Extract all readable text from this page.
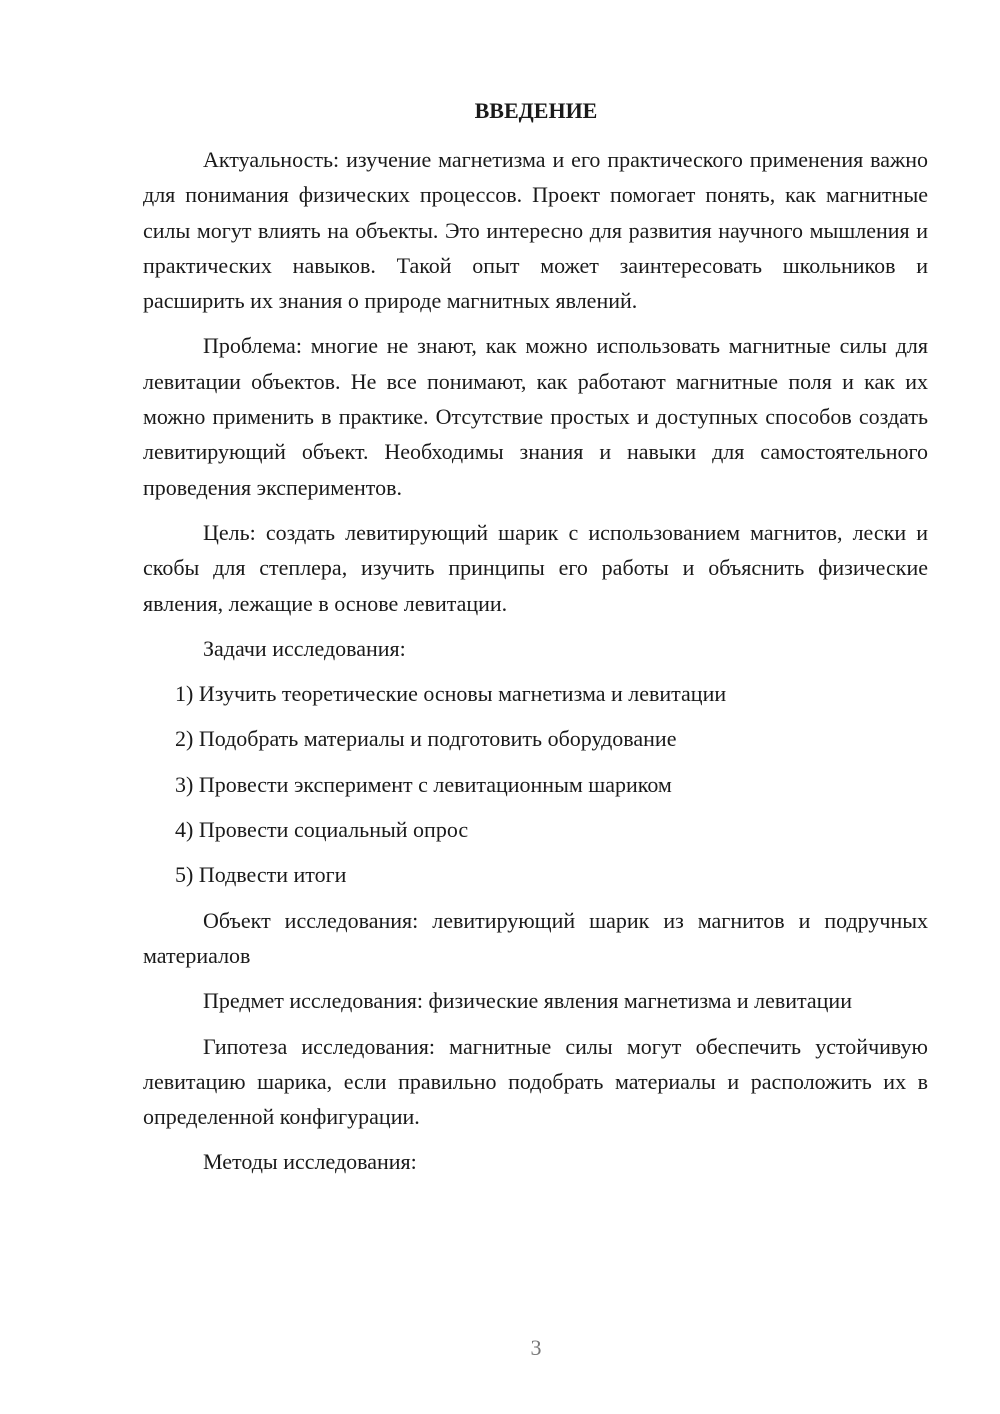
ВВЕДЕНИЕ

Актуальность: изучение магнетизма и его практического применения важно для понимания физических процессов. Проект помогает понять, как магнитные силы могут влиять на объекты. Это интересно для развития научного мышления и практических навыков. Такой опыт может заинтересовать школьников и расширить их знания о природе магнитных явлений.

Проблема: многие не знают, как можно использовать магнитные силы для левитации объектов. Не все понимают, как работают магнитные поля и как их можно применить в практике. Отсутствие простых и доступных способов создать левитирующий объект. Необходимы знания и навыки для самостоятельного проведения экспериментов.

Цель: создать левитирующий шарик с использованием магнитов, лески и скобы для степлера, изучить принципы его работы и объяснить физические явления, лежащие в основе левитации.

Задачи исследования:

1) Изучить теоретические основы магнетизма и левитации

2) Подобрать материалы и подготовить оборудование

3) Провести эксперимент с левитационным шариком

4) Провести социальный опрос

5) Подвести итоги

Объект исследования: левитирующий шарик из магнитов и подручных материалов

Предмет исследования: физические явления магнетизма и левитации

Гипотеза исследования: магнитные силы могут обеспечить устойчивую левитацию шарика, если правильно подобрать материалы и расположить их в определенной конфигурации.

Методы исследования:

3
